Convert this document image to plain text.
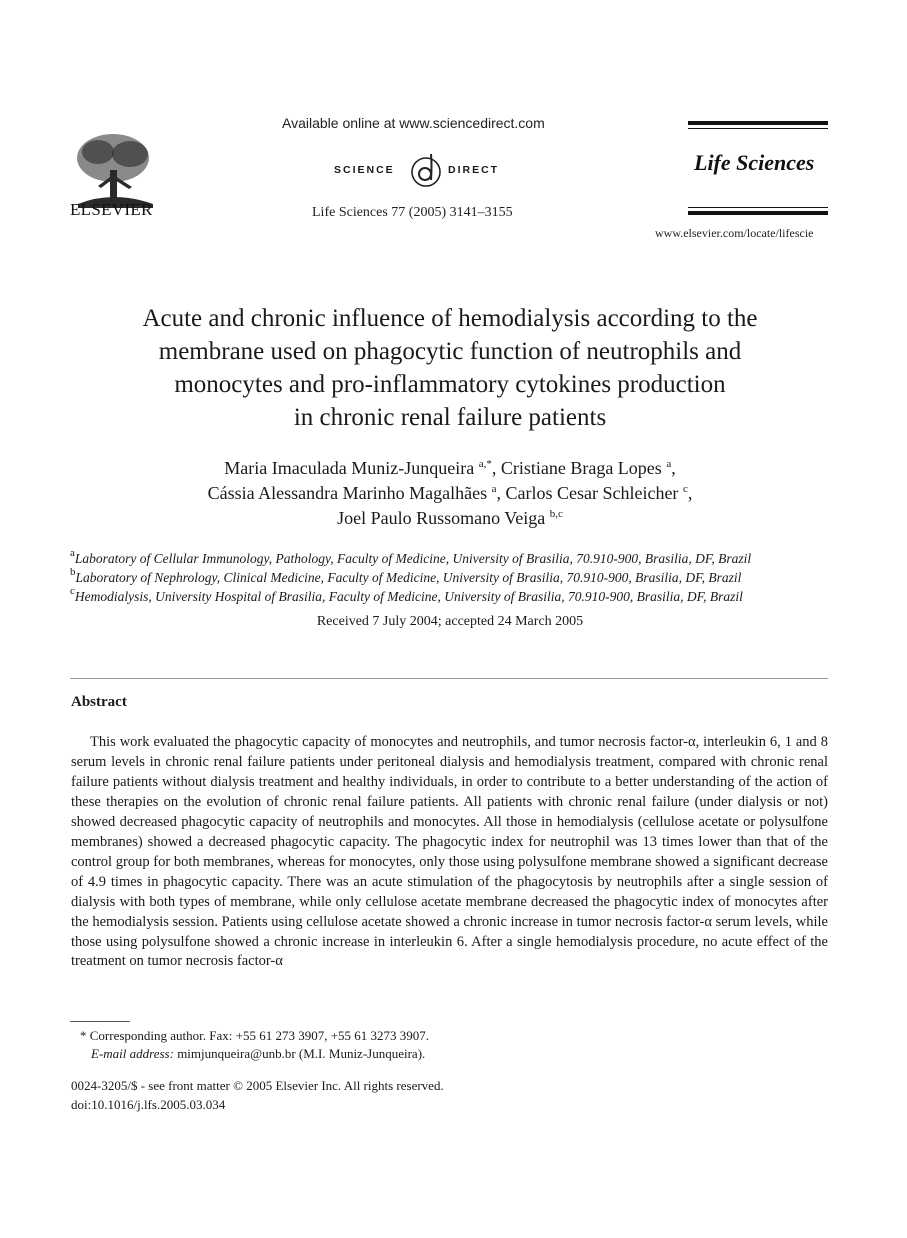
ELSEVIER
Available online at www.sciencedirect.com
SCIENCE	DIRECT
Life Sciences 77 (2005) 3141–3155
Life Sciences
www.elsevier.com/locate/lifescie
Acute and chronic influence of hemodialysis according to the
membrane used on phagocytic function of neutrophils and
monocytes and pro-inflammatory cytokines production
in chronic renal failure patients
Maria Imaculada Muniz-Junqueira $^{a,*}$, Cristiane Braga Lopes $^a$,
Cássia Alessandra Marinho Magalhães $^a$, Carlos Cesar Schleicher $^c$,
Joel Paulo Russomano Veiga $^{b,c}$
$^a$Laboratory of Cellular Immunology, Pathology, Faculty of Medicine, University of Brasilia, 70.910-900, Brasilia, DF, Brazil
$^b$Laboratory of Nephrology, Clinical Medicine, Faculty of Medicine, University of Brasilia, 70.910-900, Brasilia, DF, Brazil
$^c$Hemodialysis, University Hospital of Brasilia, Faculty of Medicine, University of Brasilia, 70.910-900, Brasilia, DF, Brazil
Received 7 July 2004; accepted 24 March 2005
Abstract

This work evaluated the phagocytic capacity of monocytes and neutrophils, and tumor necrosis factor-α, interleukin 6, 1 and 8 serum levels in chronic renal failure patients under peritoneal dialysis and hemodialysis treatment, compared with chronic renal failure patients without dialysis treatment and healthy individuals, in order to contribute to a better understanding of the action of these therapies on the evolution of chronic renal failure patients. All patients with chronic renal failure (under dialysis or not) showed decreased phagocytic capacity of neutrophils and monocytes. All those in hemodialysis (cellulose acetate or polysulfone membranes) showed a decreased phagocytic capacity. The phagocytic index for neutrophil was 13 times lower than that of the control group for both membranes, whereas for monocytes, only those using polysulfone membrane showed a significant decrease of 4.9 times in phagocytic capacity. There was an acute stimulation of the phagocytosis by neutrophils after a single session of dialysis with both types of membrane, while only cellulose acetate membrane decreased the phagocytic index of monocytes after the hemodialysis session. Patients using cellulose acetate showed a chronic increase in tumor necrosis factor-α serum levels, while those using polysulfone showed a chronic increase in interleukin 6. After a single hemodialysis procedure, no acute effect of the treatment on tumor necrosis factor-α

* Corresponding author. Fax: +55 61 273 3907, +55 61 3273 3907.
E-mail address: mimjunqueira@unb.br (M.I. Muniz-Junqueira).
0024-3205/$ - see front matter © 2005 Elsevier Inc. All rights reserved.
doi:10.1016/j.lfs.2005.03.034
